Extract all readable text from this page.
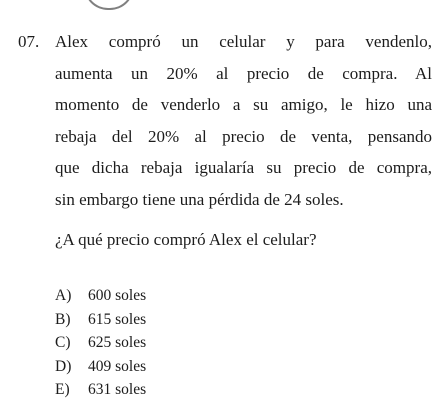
07. Alex compró un celular y para vendenlo,
aumenta un 20% al precio de compra. Al
momento de venderlo a su amigo, le hizo una
rebaja del 20% al precio de venta, pensando
que dicha rebaja igualaría su precio de compra,
sin embargo tiene una pérdida de 24 soles.
¿A qué precio compró Alex el celular?
A) 600 soles
B) 615 soles
C) 625 soles
D) 409 soles
E) 631 soles
